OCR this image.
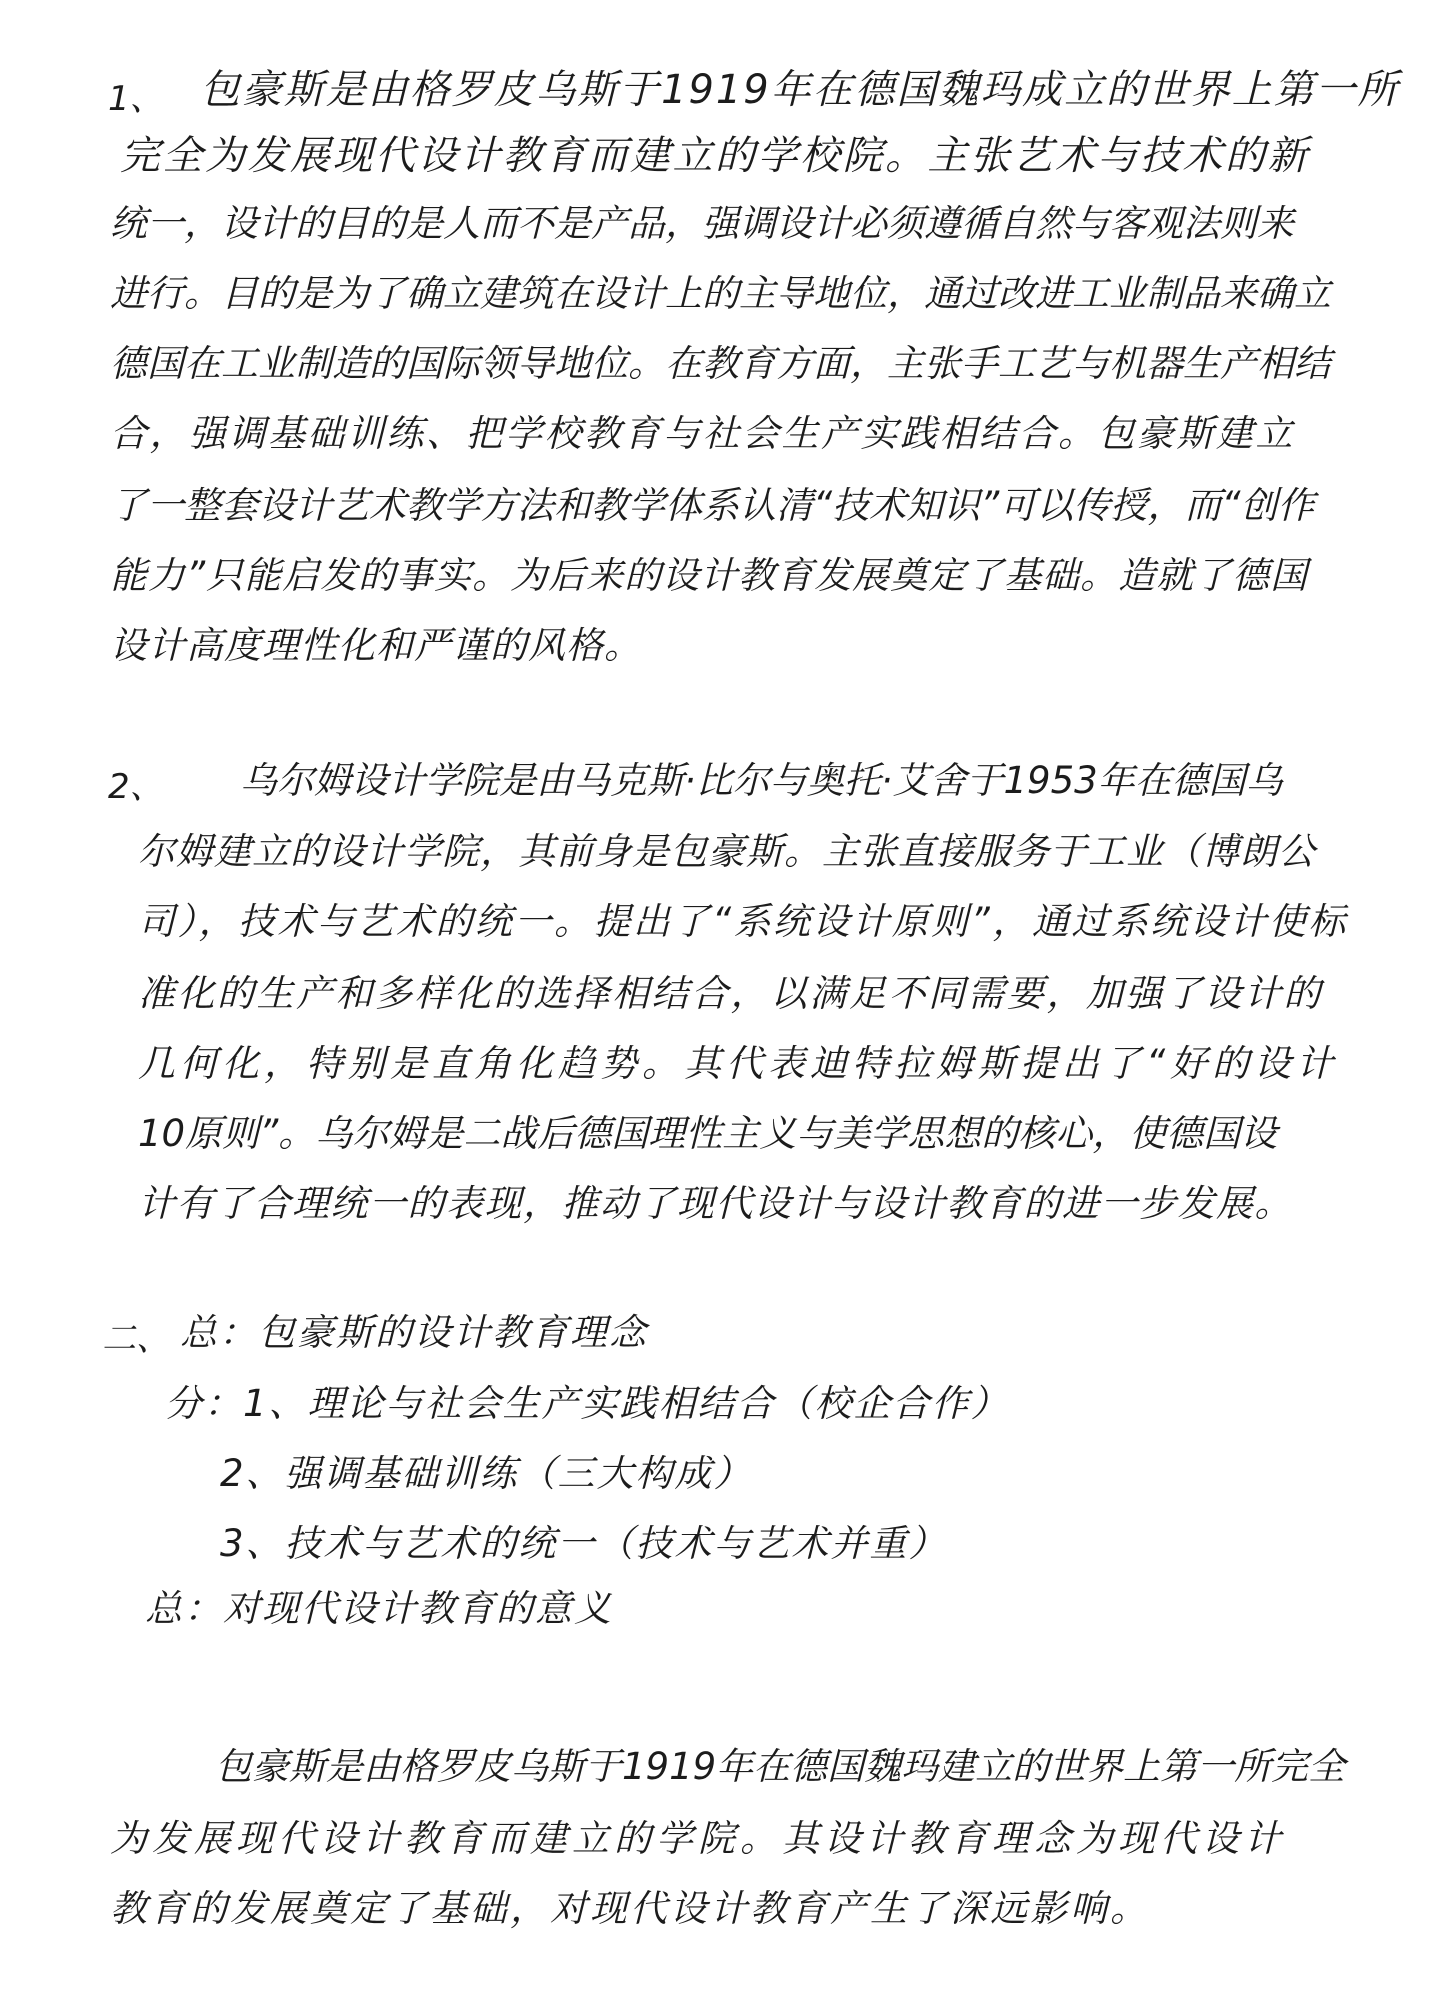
1、 包豪斯是由格罗皮乌斯于1919年在德国魏玛成立的世界上第一所
完全为发展现代设计教育而建立的学校院。主张艺术与技术的新
统一，设计的目的是人而不是产品，强调设计必须遵循自然与客观法则来
进行。目的是为了确立建筑在设计上的主导地位，通过改进工业制品来确立
德国在工业制造的国际领导地位。在教育方面，主张手工艺与机器生产相结
合，强调基础训练、把学校教育与社会生产实践相结合。包豪斯建立
了一整套设计艺术教学方法和教学体系认清“技术知识”可以传授，而“创作
能力”只能启发的事实。为后来的设计教育发展奠定了基础。造就了德国
设计高度理性化和严谨的风格。
2、 乌尔姆设计学院是由马克斯·比尔与奥托·艾舍于1953年在德国乌
尔姆建立的设计学院，其前身是包豪斯。主张直接服务于工业（博朗公
司），技术与艺术的统一。提出了“系统设计原则”，通过系统设计使标
准化的生产和多样化的选择相结合，以满足不同需要，加强了设计的
几何化，特别是直角化趋势。其代表迪特拉姆斯提出了“好的设计
10原则”。乌尔姆是二战后德国理性主义与美学思想的核心，使德国设
计有了合理统一的表现，推动了现代设计与设计教育的进一步发展。
二、 总：包豪斯的设计教育理念
分：1、理论与社会生产实践相结合（校企合作）
2、强调基础训练（三大构成）
3、技术与艺术的统一（技术与艺术并重）
总：对现代设计教育的意义
包豪斯是由格罗皮乌斯于1919年在德国魏玛建立的世界上第一所完全
为发展现代设计教育而建立的学院。其设计教育理念为现代设计
教育的发展奠定了基础，对现代设计教育产生了深远影响。
